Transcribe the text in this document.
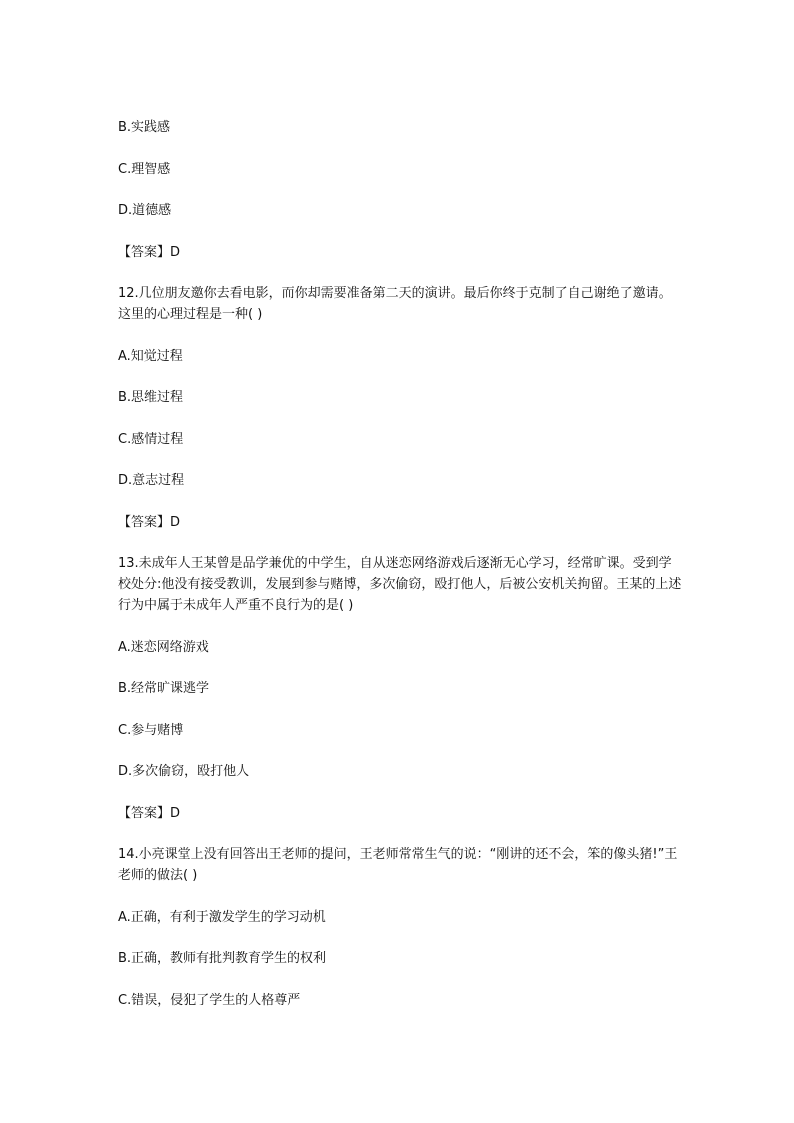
B.实践感

C.理智感

D.道德感

【答案】D

12.几位朋友邀你去看电影，而你却需要准备第二天的演讲。最后你终于克制了自己谢绝了邀请。这里的心理过程是一种( )

A.知觉过程

B.思维过程

C.感情过程

D.意志过程

【答案】D

13.未成年人王某曾是品学兼优的中学生，自从迷恋网络游戏后逐渐无心学习，经常旷课。受到学校处分:他没有接受教训，发展到参与赌博，多次偷窃，殴打他人，后被公安机关拘留。王某的上述行为中属于未成年人严重不良行为的是( )

A.迷恋网络游戏

B.经常旷课逃学

C.参与赌博

D.多次偷窃，殴打他人

【答案】D

14.小亮课堂上没有回答出王老师的提问，王老师常常生气的说：“刚讲的还不会，笨的像头猪!”王老师的做法( )

A.正确，有利于激发学生的学习动机

B.正确，教师有批判教育学生的权利

C.错误，侵犯了学生的人格尊严
